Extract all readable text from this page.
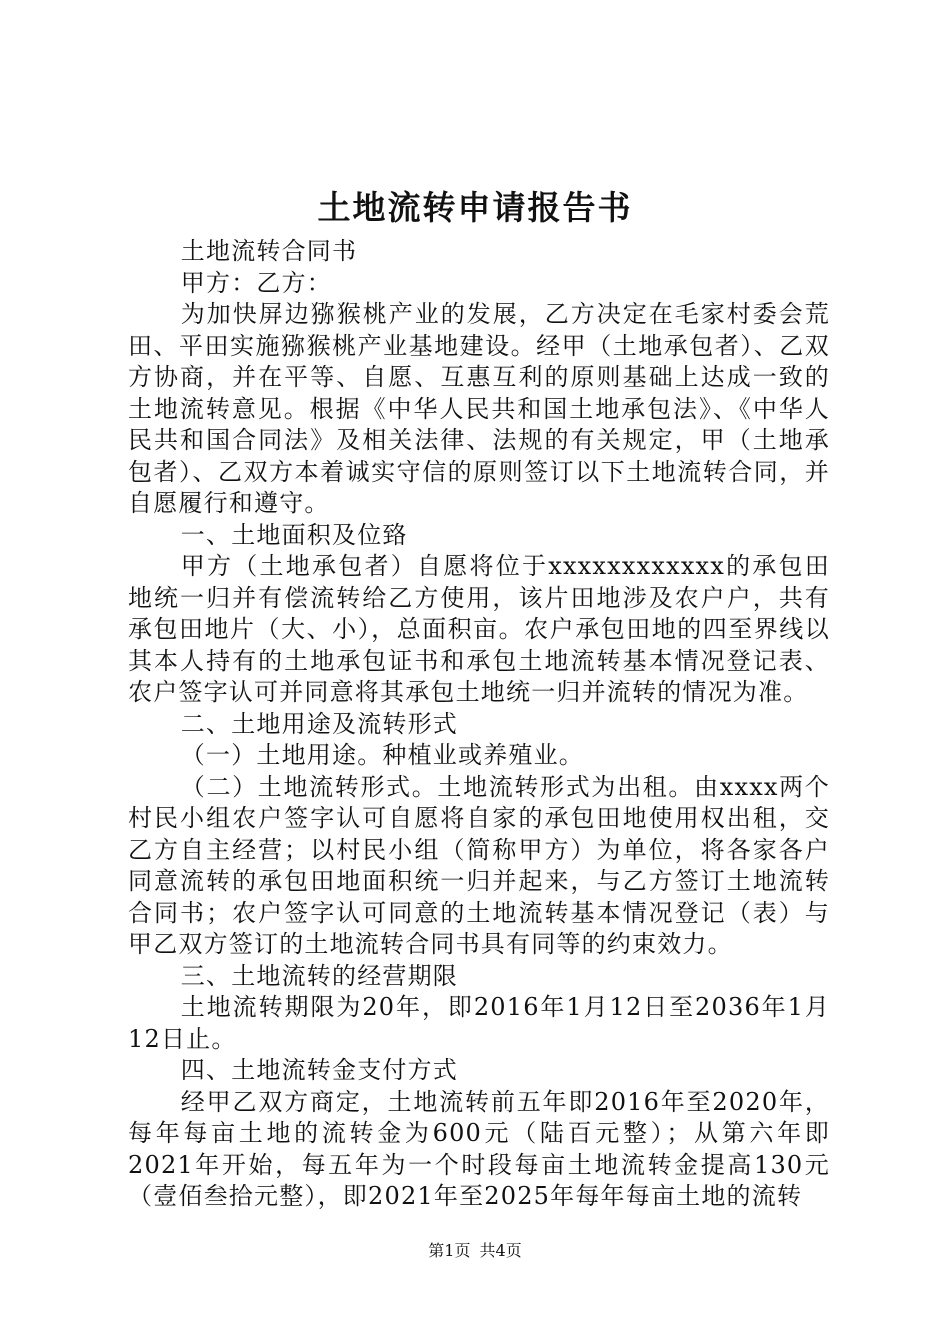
土地流转申请报告书

土地流转合同书

甲方：乙方：

为加快屏边猕猴桃产业的发展，乙方决定在毛家村委会荒田、平田实施猕猴桃产业基地建设。经甲（土地承包者）、乙双方协商，并在平等、自愿、互惠互利的原则基础上达成一致的土地流转意见。根据《中华人民共和国土地承包法》、《中华人民共和国合同法》及相关法律、法规的有关规定，甲（土地承包者）、乙双方本着诚实守信的原则签订以下土地流转合同，并自愿履行和遵守。

一、土地面积及位臵

甲方（土地承包者）自愿将位于xxxxxxxxxxxx的承包田地统一归并有偿流转给乙方使用，该片田地涉及农户户，共有承包田地片（大、小），总面积亩。农户承包田地的四至界线以其本人持有的土地承包证书和承包土地流转基本情况登记表、农户签字认可并同意将其承包土地统一归并流转的情况为准。

二、土地用途及流转形式

（一）土地用途。种植业或养殖业。

（二）土地流转形式。土地流转形式为出租。由xxxx两个村民小组农户签字认可自愿将自家的承包田地使用权出租，交乙方自主经营；以村民小组（简称甲方）为单位，将各家各户同意流转的承包田地面积统一归并起来，与乙方签订土地流转合同书；农户签字认可同意的土地流转基本情况登记（表）与甲乙双方签订的土地流转合同书具有同等的约束效力。

三、土地流转的经营期限

土地流转期限为20年，即2016年1月12日至2036年1月12日止。

四、土地流转金支付方式

经甲乙双方商定，土地流转前五年即2016年至2020年，每年每亩土地的流转金为600元（陆百元整）；从第六年即2021年开始，每五年为一个时段每亩土地流转金提高130元（壹佰叁拾元整），即2021年至2025年每年每亩土地的流转

第1页 共4页
